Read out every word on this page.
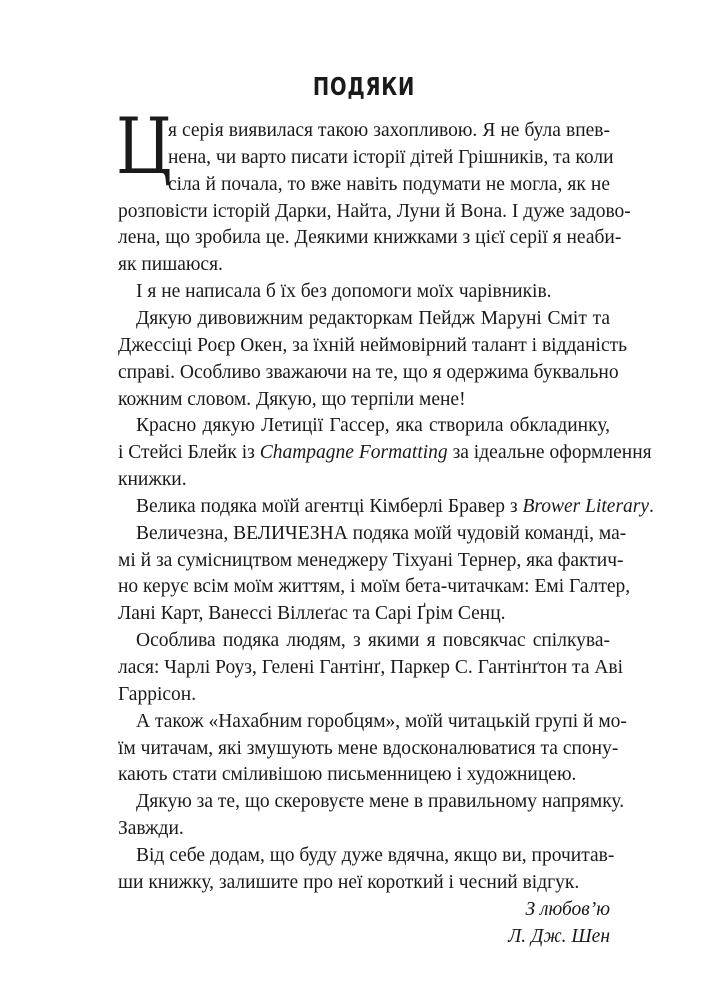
ПОДЯКИ
Ц
я серія виявилася такою захопливою. Я не була впев-
нена, чи варто писати історії дітей Грішників, та коли
сіла й почала, то вже навіть подумати не могла, як не
розповісти історій Дарки, Найта, Луни й Вона. І дуже задово-
лена, що зробила це. Деякими книжками з цієї серії я неаби-
як пишаюся.
І я не написала б їх без допомоги моїх чарівників.
Дякую дивовижним редакторкам Пейдж Маруні Сміт та
Джессіці Роєр Окен, за їхній неймовірний талант і відданість
справі. Особливо зважаючи на те, що я одержима буквально
кожним словом. Дякую, що терпіли мене!
Красно дякую Летиції Гассер, яка створила обкладинку,
і Стейсі Блейк із Champagne Formatting за ідеальне оформлення
книжки.
Велика подяка моїй агентці Кімберлі Бравер з Brower Literary.
Величезна, ВЕЛИЧЕЗНА подяка моїй чудовій команді, ма-
мі й за сумісництвом менеджеру Тіхуані Тернер, яка фактич-
но керує всім моїм життям, і моїм бета-читачкам: Емі Галтер,
Лані Карт, Ванессі Віллеґас та Сарі Ґрім Сенц.
Особлива подяка людям, з якими я повсякчас спілкува-
лася: Чарлі Роуз, Гелені Гантінґ, Паркер С. Гантінґтон та Аві
Гаррісон.
А також «Нахабним горобцям», моїй читацькій групі й мо-
їм читачам, які змушують мене вдосконалюватися та спону-
кають стати сміливішою письменницею і художницею.
Дякую за те, що скеровуєте мене в правильному напрямку.
Завжди.
Від себе додам, що буду дуже вдячна, якщо ви, прочитав-
ши книжку, залишите про неї короткий і чесний відгук.
З любов’ю
Л. Дж. Шен
